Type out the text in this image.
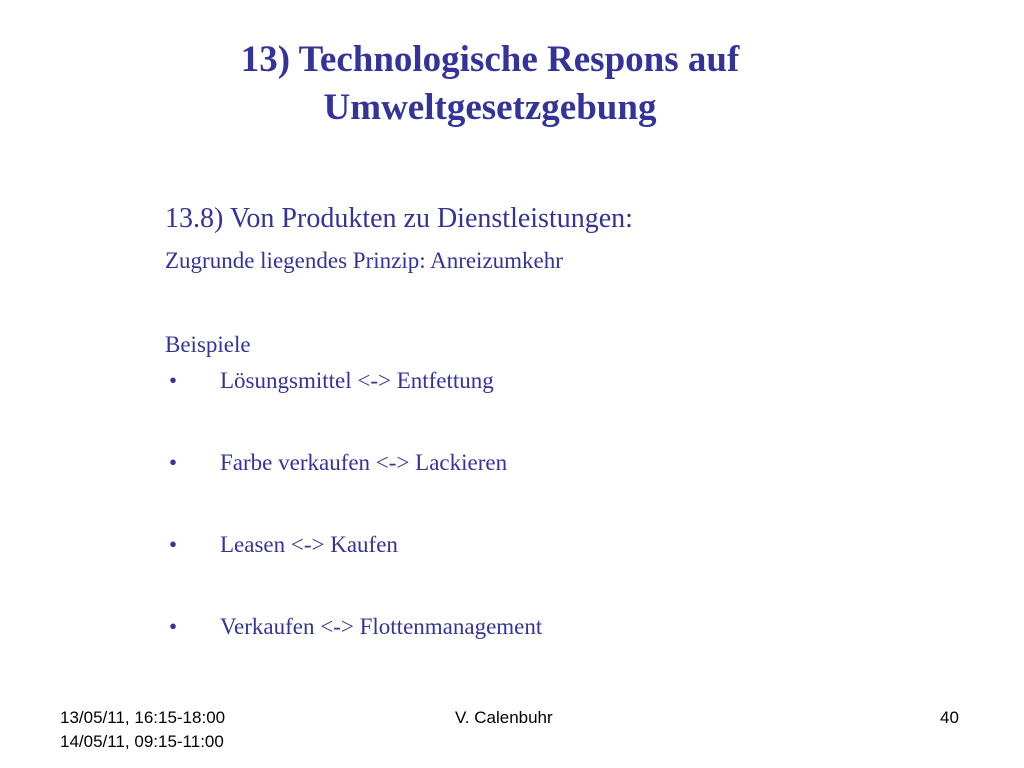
13) Technologische Respons auf
Umweltgesetzgebung
13.8) Von Produkten zu Dienstleistungen:
Zugrunde liegendes Prinzip: Anreizumkehr
Beispiele
• Lösungsmittel <-> Entfettung
• Farbe verkaufen <-> Lackieren
• Leasen <-> Kaufen
• Verkaufen <-> Flottenmanagement
13/05/11, 16:15-18:00
14/05/11, 09:15-11:00
V. Calenbuhr	40
